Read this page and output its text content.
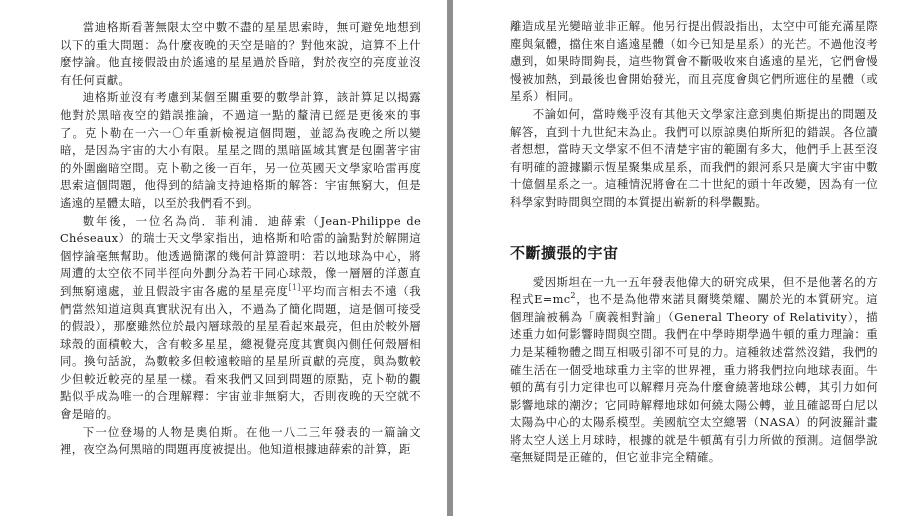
當迪格斯看著無限太空中數不盡的星星思索時，無可避免地想到以下的重大問題：為什麼夜晚的天空是暗的？對他來說，這算不上什麼悖論。他直接假設由於遙遠的星星過於昏暗，對於夜空的亮度並沒有任何貢獻。

迪格斯並沒有考慮到某個至關重要的數學計算，該計算足以揭露他對於黑暗夜空的錯誤推論，不過這一點的釐清已經是更後來的事了。克卜勒在一六一〇年重新檢視這個問題，並認為夜晚之所以變暗，是因為宇宙的大小有限。星星之間的黑暗區域其實是包圍著宇宙的外圍幽暗空間。克卜勒之後一百年，另一位英國天文學家哈雷再度思索這個問題，他得到的結論支持迪格斯的解答：宇宙無窮大，但是遙遠的星體太暗，以至於我們看不到。

數年後，一位名為尚．菲利浦．迪薛索（Jean-Philippe de Chéseaux）的瑞士天文學家指出，迪格斯和哈雷的論點對於解開這個悖論毫無幫助。他透過簡潔的幾何計算證明：若以地球為中心，將周遭的太空依不同半徑向外劃分為若干同心球殼，像一層層的洋蔥直到無窮遠處，並且假設宇宙各處的星星亮度[1]平均而言相去不遠（我們當然知道這與真實狀況有出入，不過為了簡化問題，這是個可接受的假設），那麼雖然位於最內層球殼的星星看起來最亮，但由於較外層球殼的面積較大，含有較多星星，總視覺亮度其實與內側任何殼層相同。換句話說，為數較多但較遠較暗的星星所貢獻的亮度，與為數較少但較近較亮的星星一樣。看來我們又回到問題的原點，克卜勒的觀點似乎成為唯一的合理解釋：宇宙並非無窮大，否則夜晚的天空就不會是暗的。

下一位登場的人物是奧伯斯。在他一八二三年發表的一篇論文裡，夜空為何黑暗的問題再度被提出。他知道根據迪薛索的計算，距

離造成星光變暗並非正解。他另行提出假設指出，太空中可能充滿星際塵與氣體，擋住來自遙遠星體（如今已知是星系）的光芒。不過他沒考慮到，如果時間夠長，這些物質會不斷吸收來自遙遠的星光，它們會慢慢被加熱，到最後也會開始發光，而且亮度會與它們所遮住的星體（或星系）相同。

不論如何，當時幾乎沒有其他天文學家注意到奧伯斯提出的問題及解答，直到十九世紀末為止。我們可以原諒奧伯斯所犯的錯誤。各位讀者想想，當時天文學家不但不清楚宇宙的範圍有多大，他們手上甚至沒有明確的證據顯示恆星聚集成星系，而我們的銀河系只是廣大宇宙中數十億個星系之一。這種情況將會在二十世紀的頭十年改變，因為有一位科學家對時間與空間的本質提出嶄新的科學觀點。

不斷擴張的宇宙

愛因斯坦在一九一五年發表他偉大的研究成果，但不是他著名的方程式$E=mc^2$，也不是為他帶來諾貝爾獎榮耀、關於光的本質研究。這個理論被稱為「廣義相對論」（General Theory of Relativity），描述重力如何影響時間與空間。我們在中學時期學過牛頓的重力理論：重力是某種物體之間互相吸引卻不可見的力。這種敘述當然沒錯，我們的確生活在一個受地球重力主宰的世界裡，重力將我們拉向地球表面。牛頓的萬有引力定律也可以解釋月亮為什麼會繞著地球公轉，其引力如何影響地球的潮汐；它同時解釋地球如何繞太陽公轉，並且確認哥白尼以太陽為中心的太陽系模型。美國航空太空總署（NASA）的阿波羅計畫將太空人送上月球時，根據的就是牛頓萬有引力所做的預測。這個學說毫無疑問是正確的，但它並非完全精確。
